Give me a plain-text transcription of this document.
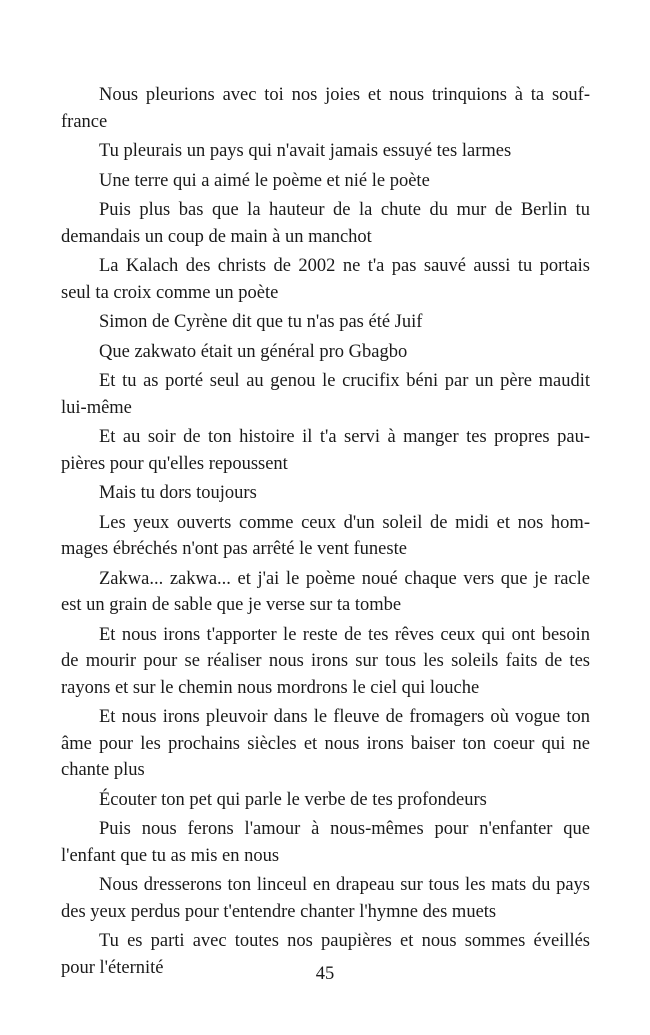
Nous pleurions avec toi nos joies et nous trinquions à ta souffrance

Tu pleurais un pays qui n'avait jamais essuyé tes larmes

Une terre qui a aimé le poème et nié le poète

Puis plus bas que la hauteur de la chute du mur de Berlin tu demandais un coup de main à un manchot

La Kalach des christs de 2002 ne t'a pas sauvé aussi tu portais seul ta croix comme un poète

Simon de Cyrène dit que tu n'as pas été Juif

Que zakwato était un général pro Gbagbo

Et tu as porté seul au genou le crucifix béni par un père maudit lui-même

Et au soir de ton histoire il t'a servi à manger tes propres paupières pour qu'elles repoussent

Mais tu dors toujours

Les yeux ouverts comme ceux d'un soleil de midi et nos hommages ébréchés n'ont pas arrêté le vent funeste

Zakwa... zakwa... et j'ai le poème noué chaque vers que je racle est un grain de sable que je verse sur ta tombe

Et nous irons t'apporter le reste de tes rêves ceux qui ont besoin de mourir pour se réaliser nous irons sur tous les soleils faits de tes rayons et sur le chemin nous mordrons le ciel qui louche

Et nous irons pleuvoir dans le fleuve de fromagers où vogue ton âme pour les prochains siècles et nous irons baiser ton coeur qui ne chante plus

Écouter ton pet qui parle le verbe de tes profondeurs

Puis nous ferons l'amour à nous-mêmes pour n'enfanter que l'enfant que tu as mis en nous

Nous dresserons ton linceul en drapeau sur tous les mats du pays des yeux perdus pour t'entendre chanter l'hymne des muets

Tu es parti avec toutes nos paupières et nous sommes éveillés pour l'éternité	45
